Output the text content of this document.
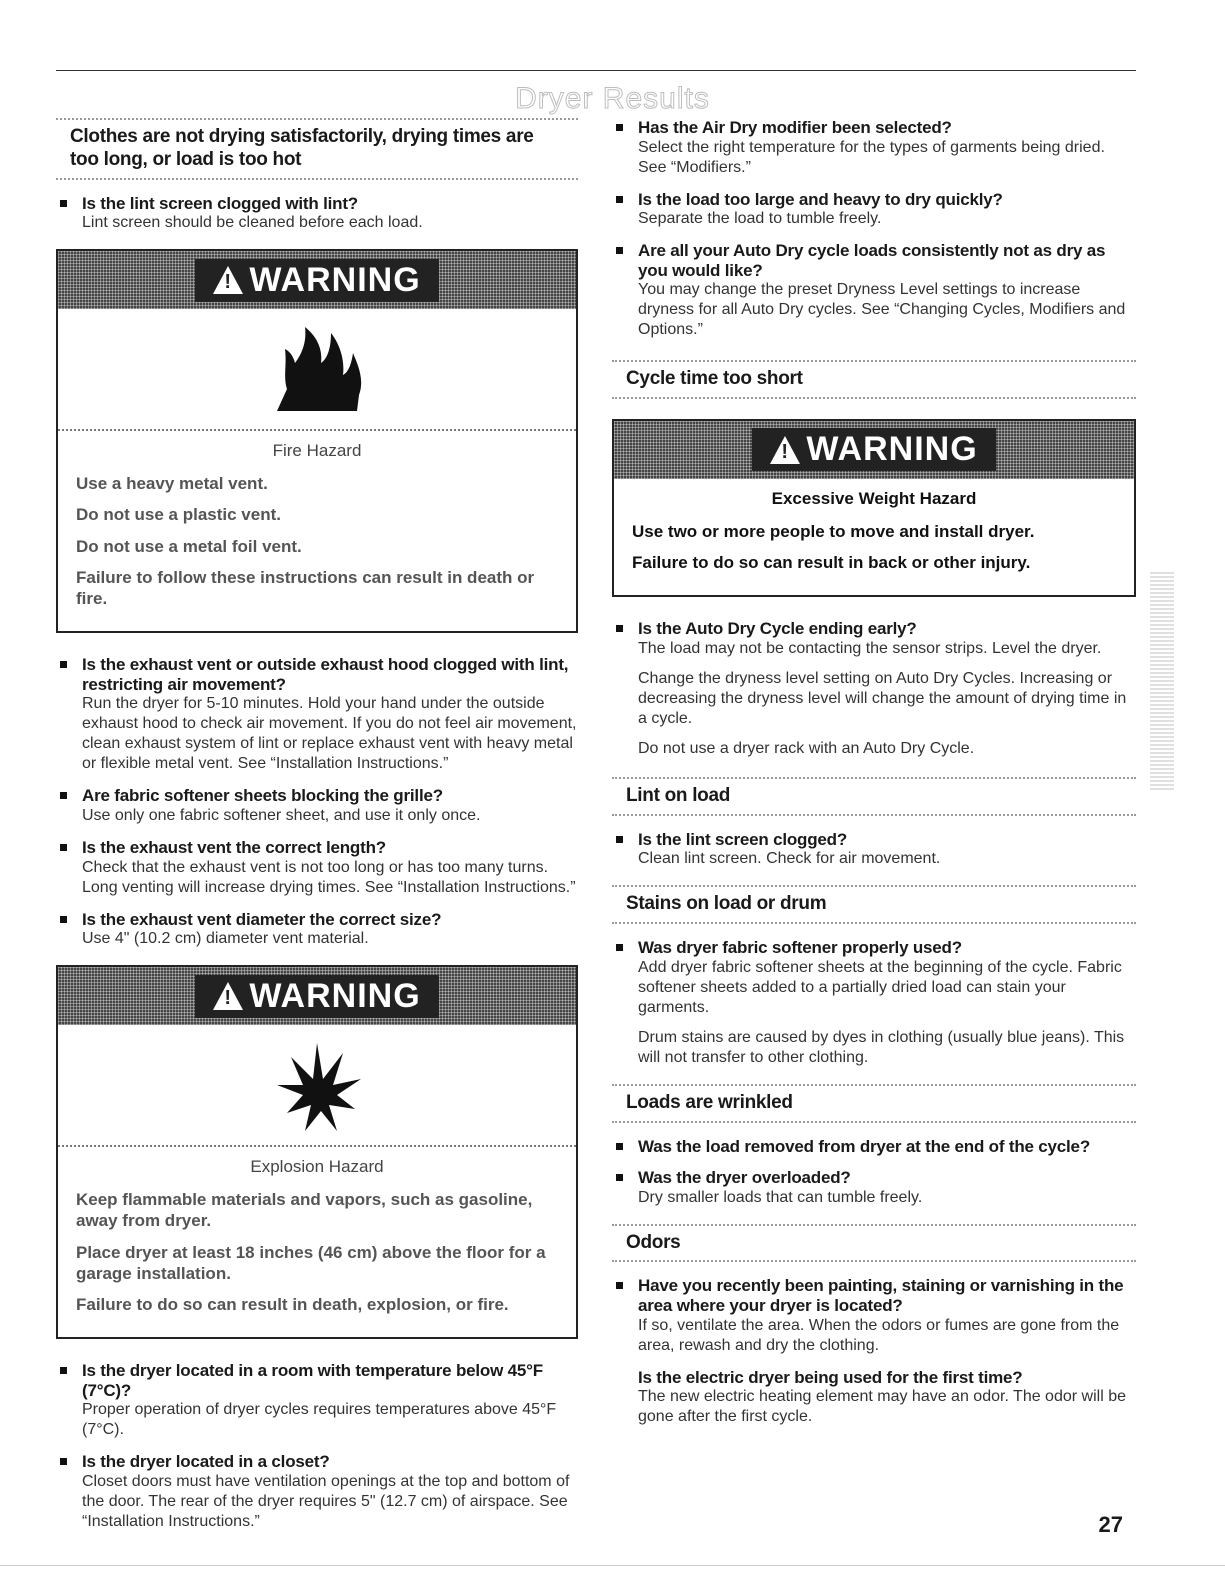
Dryer Results
Clothes are not drying satisfactorily, drying times are too long, or load is too hot
Is the lint screen clogged with lint?
Lint screen should be cleaned before each load.
!
WARNING
Fire Hazard
Use a heavy metal vent.
Do not use a plastic vent.
Do not use a metal foil vent.
Failure to follow these instructions can result in death or fire.
Is the exhaust vent or outside exhaust hood clogged with lint, restricting air movement?
Run the dryer for 5-10 minutes. Hold your hand under the outside exhaust hood to check air movement. If you do not feel air movement, clean exhaust system of lint or replace exhaust vent with heavy metal or flexible metal vent. See “Installation Instructions.”
Are fabric softener sheets blocking the grille?
Use only one fabric softener sheet, and use it only once.
Is the exhaust vent the correct length?
Check that the exhaust vent is not too long or has too many turns. Long venting will increase drying times. See “Installation Instructions.”
Is the exhaust vent diameter the correct size?
Use 4" (10.2 cm) diameter vent material.
!
WARNING
Explosion Hazard
Keep flammable materials and vapors, such as gasoline, away from dryer.
Place dryer at least 18 inches (46 cm) above the floor for a garage installation.
Failure to do so can result in death, explosion, or fire.
Is the dryer located in a room with temperature below 45°F (7°C)?
Proper operation of dryer cycles requires temperatures above 45°F (7°C).
Is the dryer located in a closet?
Closet doors must have ventilation openings at the top and bottom of the door. The rear of the dryer requires 5" (12.7 cm) of airspace. See “Installation Instructions.”
Has the Air Dry modifier been selected?
Select the right temperature for the types of garments being dried. See “Modifiers.”
Is the load too large and heavy to dry quickly?
Separate the load to tumble freely.
Are all your Auto Dry cycle loads consistently not as dry as you would like?
You may change the preset Dryness Level settings to increase dryness for all Auto Dry cycles. See “Changing Cycles, Modifiers and Options.”
Cycle time too short
!
WARNING
Excessive Weight Hazard
Use two or more people to move and install dryer.
Failure to do so can result in back or other injury.
Is the Auto Dry Cycle ending early?

The load may not be contacting the sensor strips. Level the dryer.

Change the dryness level setting on Auto Dry Cycles. Increasing or decreasing the dryness level will change the amount of drying time in a cycle.

Do not use a dryer rack with an Auto Dry Cycle.

Lint on load
Is the lint screen clogged?
Clean lint screen. Check for air movement.
Stains on load or drum
Was dryer fabric softener properly used?

Add dryer fabric softener sheets at the beginning of the cycle. Fabric softener sheets added to a partially dried load can stain your garments.

Drum stains are caused by dyes in clothing (usually blue jeans). This will not transfer to other clothing.

Loads are wrinkled
Was the load removed from dryer at the end of the cycle?
Was the dryer overloaded?
Dry smaller loads that can tumble freely.
Odors
Have you recently been painting, staining or varnishing in the area where your dryer is located?
If so, ventilate the area. When the odors or fumes are gone from the area, rewash and dry the clothing.
Is the electric dryer being used for the first time?
The new electric heating element may have an odor. The odor will be gone after the first cycle.
27
